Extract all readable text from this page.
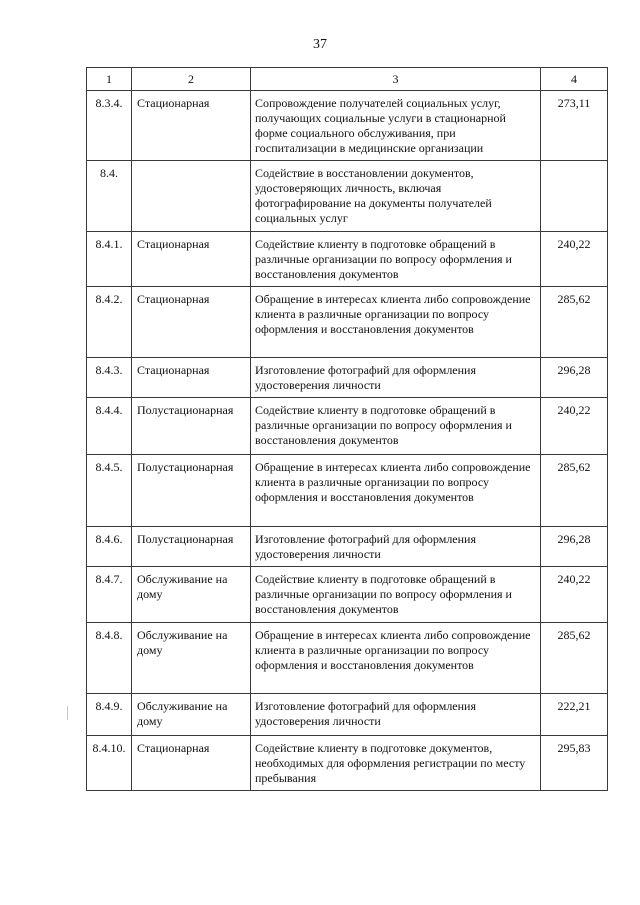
37
1	2	3	4
8.3.4.	Стационарная	Сопровождение получателей социальных услуг, получающих социальные услуги в стационарной форме социального обслуживания, при госпитализации в медицинские организации	273,11
8.4.		Содействие в восстановлении документов, удостоверяющих личность, включая фотографирование на документы получателей социальных услуг	
8.4.1.	Стационарная	Содействие клиенту в подготовке обращений в различные организации по вопросу оформления и восстановления документов	240,22
8.4.2.	Стационарная	Обращение в интересах клиента либо сопровождение клиента в различные организации по вопросу оформления и восстановления документов	285,62
8.4.3.	Стационарная	Изготовление фотографий для оформления удостоверения личности	296,28
8.4.4.	Полустационарная	Содействие клиенту в подготовке обращений в различные организации по вопросу оформления и восстановления документов	240,22
8.4.5.	Полустационарная	Обращение в интересах клиента либо сопровождение клиента в различные организации по вопросу оформления и восстановления документов	285,62
8.4.6.	Полустационарная	Изготовление фотографий для оформления удостоверения личности	296,28
8.4.7.	Обслуживание на дому	Содействие клиенту в подготовке обращений в различные организации по вопросу оформления и восстановления документов	240,22
8.4.8.	Обслуживание на дому	Обращение в интересах клиента либо сопровождение клиента в различные организации по вопросу оформления и восстановления документов	285,62
8.4.9.	Обслуживание на дому	Изготовление фотографий для оформления удостоверения личности	222,21
8.4.10.	Стационарная	Содействие клиенту в подготовке документов, необходимых для оформления регистрации по месту пребывания	295,83
